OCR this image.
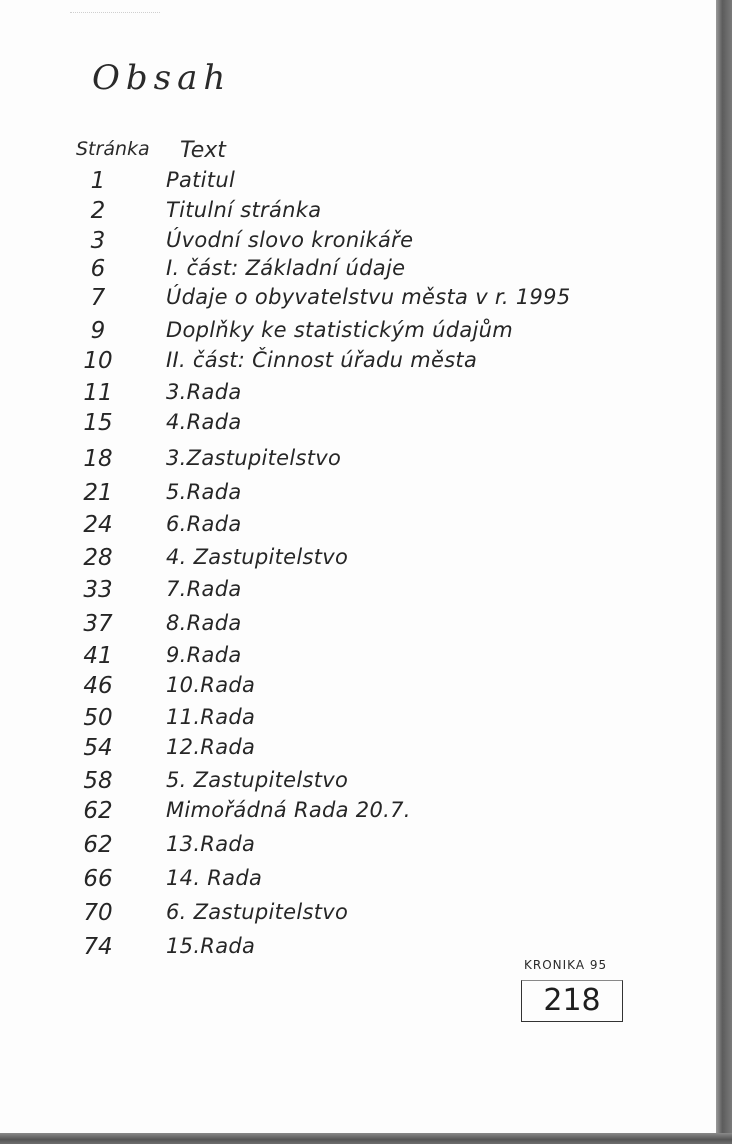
Obsah
Stránka Text
1	Patitul
2	Titulní stránka
3	Úvodní slovo kronikáře
6	I. část: Základní údaje
7	Údaje o obyvatelstvu města v r. 1995
9	Doplňky ke statistickým údajům
10	II. část: Činnost úřadu města
11	3.Rada
15	4.Rada
18	3.Zastupitelstvo
21	5.Rada
24	6.Rada
28	4. Zastupitelstvo
33	7.Rada
37	8.Rada
41	9.Rada
46	10.Rada
50	11.Rada
54	12.Rada
58	5. Zastupitelstvo
62	Mimořádná Rada 20.7.
62	13.Rada
66	14. Rada
70	6. Zastupitelstvo
74	15.Rada
KRONIKA 95
218
